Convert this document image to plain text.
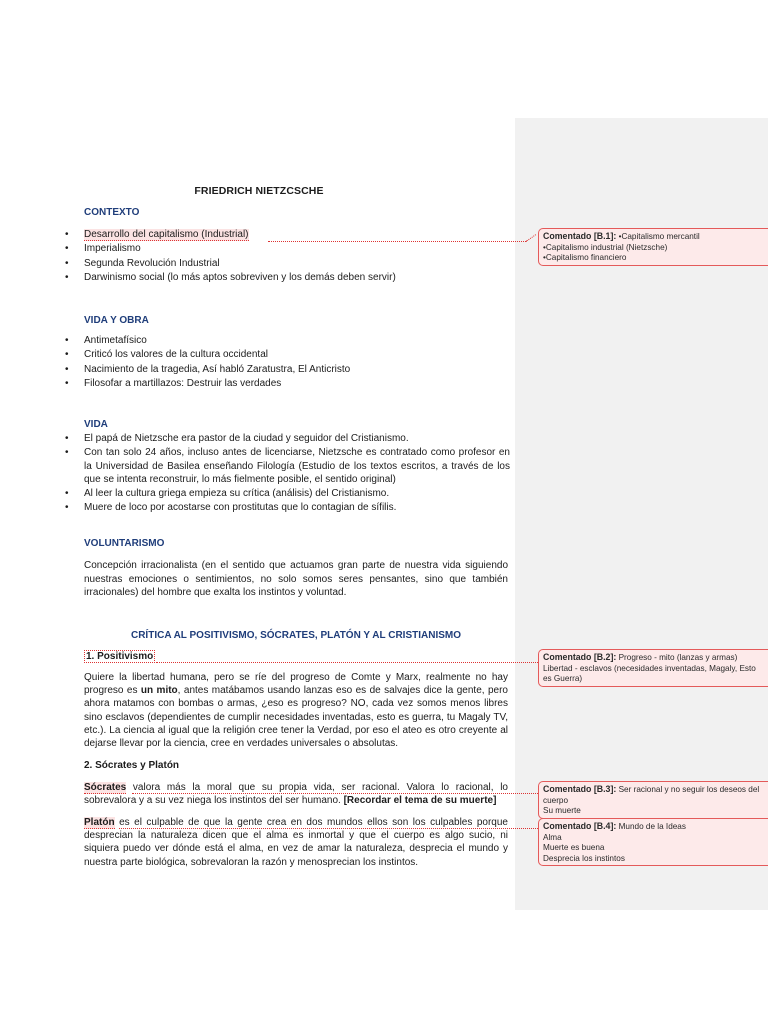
FRIEDRICH NIETZCSCHE
CONTEXTO
• Desarrollo del capitalismo (Industrial)
• Imperialismo
• Segunda Revolución Industrial
• Darwinismo social (lo más aptos sobreviven y los demás deben servir)
VIDA Y OBRA
• Antimetafísico
• Criticó los valores de la cultura occidental
• Nacimiento de la tragedia, Así habló Zaratustra, El Anticristo
• Filosofar a martillazos: Destruir las verdades
VIDA
• El papá de Nietzsche era pastor de la ciudad y seguidor del Cristianismo.
• Con tan solo 24 años, incluso antes de licenciarse, Nietzsche es contratado como profesor en la Universidad de Basilea enseñando Filología (Estudio de los textos escritos, a través de los que se intenta reconstruir, lo más fielmente posible, el sentido original)
• Al leer la cultura griega empieza su crítica (análisis) del Cristianismo.
• Muere de loco por acostarse con prostitutas que lo contagian de sífilis.
VOLUNTARISMO
Concepción irracionalista (en el sentido que actuamos gran parte de nuestra vida siguiendo nuestras emociones o sentimientos, no solo somos seres pensantes, sino que también irracionales) del hombre que exalta los instintos y voluntad.
CRÍTICA AL POSITIVISMO, SÓCRATES, PLATÓN Y AL CRISTIANISMO
1. Positivismo
Quiere la libertad humana, pero se ríe del progreso de Comte y Marx, realmente no hay progreso es un mito, antes matábamos usando lanzas eso es de salvajes dice la gente, pero ahora matamos con bombas o armas, ¿eso es progreso? NO, cada vez somos menos libres sino esclavos (dependientes de cumplir necesidades inventadas, esto es guerra, tu Magaly TV, etc.). La ciencia al igual que la religión cree tener la Verdad, por eso el ateo es otro creyente al dejarse llevar por la ciencia, cree en verdades universales o absolutas.
2. Sócrates y Platón
Sócrates valora más la moral que su propia vida, ser racional. Valora lo racional, lo sobrevalora y a su vez niega los instintos del ser humano. [Recordar el tema de su muerte]
Platón es el culpable de que la gente crea en dos mundos ellos son los culpables porque desprecian la naturaleza dicen que el alma es inmortal y que el cuerpo es algo sucio, ni siquiera puedo ver dónde está el alma, en vez de amar la naturaleza, desprecia el mundo y nuestra parte biológica, sobrevaloran la razón y menosprecian los instintos.
Comentado [B.1]: •Capitalismo mercantil
•Capitalismo industrial (Nietzsche)
•Capitalismo financiero
Comentado [B.2]: Progreso - mito (lanzas y armas)
Libertad - esclavos (necesidades inventadas, Magaly, Esto es Guerra)
Comentado [B.3]: Ser racional y no seguir los deseos del cuerpo
Su muerte
Comentado [B.4]: Mundo de la Ideas
Alma
Muerte es buena
Desprecia los instintos
